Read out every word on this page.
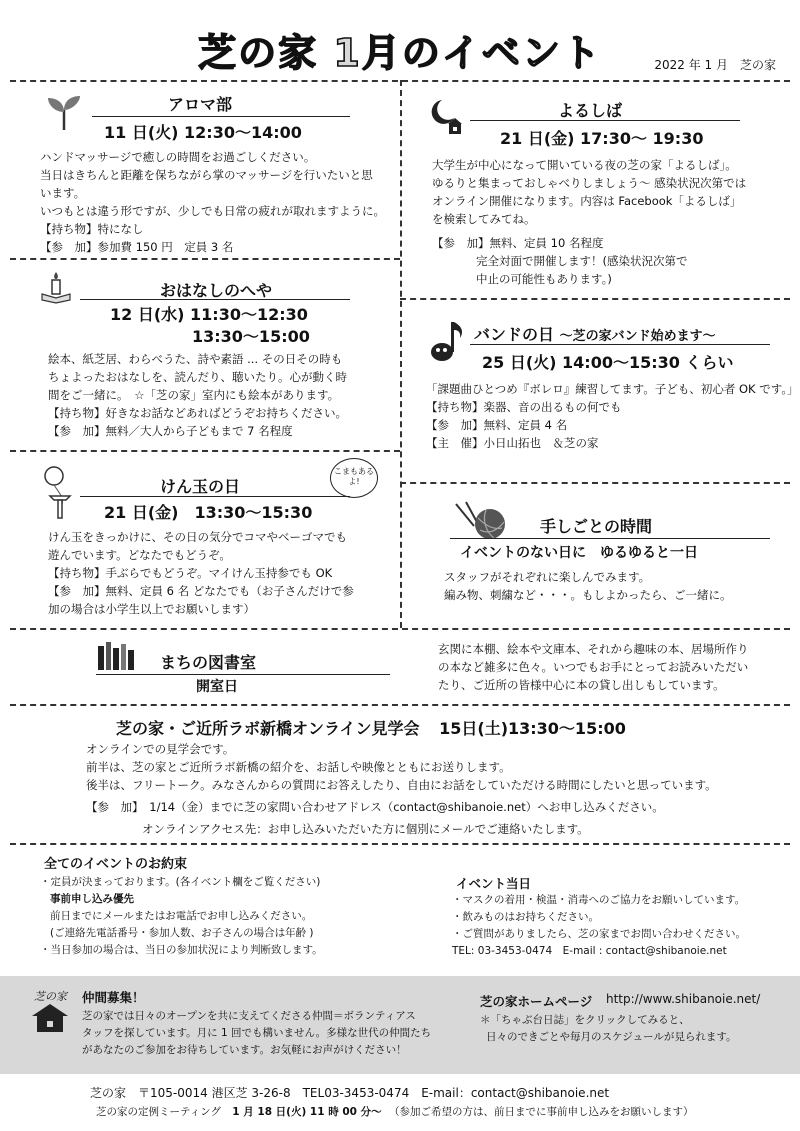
芝の家 1月のイベント	2022 年 1 月　芝の家
アロマ部
11 日(火) 12:30〜14:00
ハンドマッサージで癒しの時間をお過ごしください。
当日はきちんと距離を保ちながら掌のマッサージを行いたいと思
います。
いつもとは違う形ですが、少しでも日常の疲れが取れますように。
【持ち物】特になし
【参　加】参加費 150 円　定員 3 名
おはなしのへや
12 日(水) 11:30〜12:30
13:30〜15:00
絵本、紙芝居、わらべうた、詩や素語 ... その日その時も
ちょよったおはなしを、読んだり、聴いたり。心が動く時
間をご一緒に。　☆「芝の家」室内にも絵本があります。
【持ち物】好きなお話などあればどうぞお持ちください。
【参　加】無料／大人から子どもまで 7 名程度
けん玉の日
こまもあるよ!
21 日(金)　13:30〜15:30
けん玉をきっかけに、その日の気分でコマやベーゴマでも
遊んでいます。どなたでもどうぞ。
【持ち物】手ぶらでもどうぞ。マイけん玉持参でも OK
【参　加】無料、定員 6 名 どなたでも（お子さんだけで参
加の場合は小学生以上でお願いします）
よるしば
21 日(金) 17:30〜 19:30
大学生が中心になって開いている夜の芝の家「よるしば」。
ゆるりと集まっておしゃべりしましょう〜 感染状況次第では
オンライン開催になります。内容は Facebook「よるしば」
を検索してみてね。
【参　加】無料、定員 10 名程度
完全対面で開催します！(感染状況次第で
中止の可能性もあります。)
バンドの日 〜芝の家バンド始めます〜
25 日(火) 14:00〜15:30 くらい
「課題曲ひとつめ『ボレロ』練習してます。子ども、初心者 OK です。」
【持ち物】楽器、音の出るもの何でも
【参　加】無料、定員 4 名
【主　催】小日山拓也　＆芝の家
手しごとの時間
イベントのない日に　ゆるゆると一日
スタッフがそれぞれに楽しんでみます。
編み物、刺繍など・・・。もしよかったら、ご一緒に。
まちの図書室
開室日
玄関に本棚、絵本や文庫本、それから趣味の本、居場所作り
の本など雑多に色々。いつでもお手にとってお読みいただい
たり、ご近所の皆様中心に本の貸し出しもしています。
芝の家・ご近所ラボ新橋オンライン見学会 15日(土)13:30〜15:00
オンラインでの見学会です。
前半は、芝の家とご近所ラボ新橋の紹介を、お話しや映像とともにお送りします。
後半は、フリートーク。みなさんからの質問にお答えしたり、自由にお話をしていただける時間にしたいと思っています。
【参　加】　1/14（金）までに芝の家問い合わせアドレス（contact@shibanoie.net）へお申し込みください。
オンラインアクセス先：お申し込みいただいた方に個別にメールでご連絡いたします。
全てのイベントのお約束
・定員が決まっております。(各イベント欄をご覧ください)
事前申し込み優先
前日までにメールまたはお電話でお申し込みください。
(ご連絡先電話番号・参加人数、お子さんの場合は年齢 )
・当日参加の場合は、当日の参加状況により判断致します。
イベント当日
・マスクの着用・検温・消毒へのご協力をお願いしています。
・飲みものはお持ちください。
・ご質問がありましたら、芝の家までお問い合わせください。
TEL: 03-3453-0474　E-mail : contact@shibanoie.net
芝の家 仲間募集！
芝の家では日々のオープンを共に支えてくださる仲間＝ボランティアス
タッフを探しています。月に 1 回でも構いません。多様な世代の仲間たち
があなたのご参加をお待ちしています。お気軽にお声がけください！
芝の家ホームページ http://www.shibanoie.net/
＊「ちゃぶ台日誌」をクリックしてみると、
日々のできごとや毎月のスケジュールが見られます。
芝の家　〒105-0014 港区芝 3-26-8　TEL03-3453-0474　E-mail：contact@shibanoie.net
芝の家の定例ミーティング 1 月 18 日(火) 11 時 00 分〜 （参加ご希望の方は、前日までに事前申し込みをお願いします）
